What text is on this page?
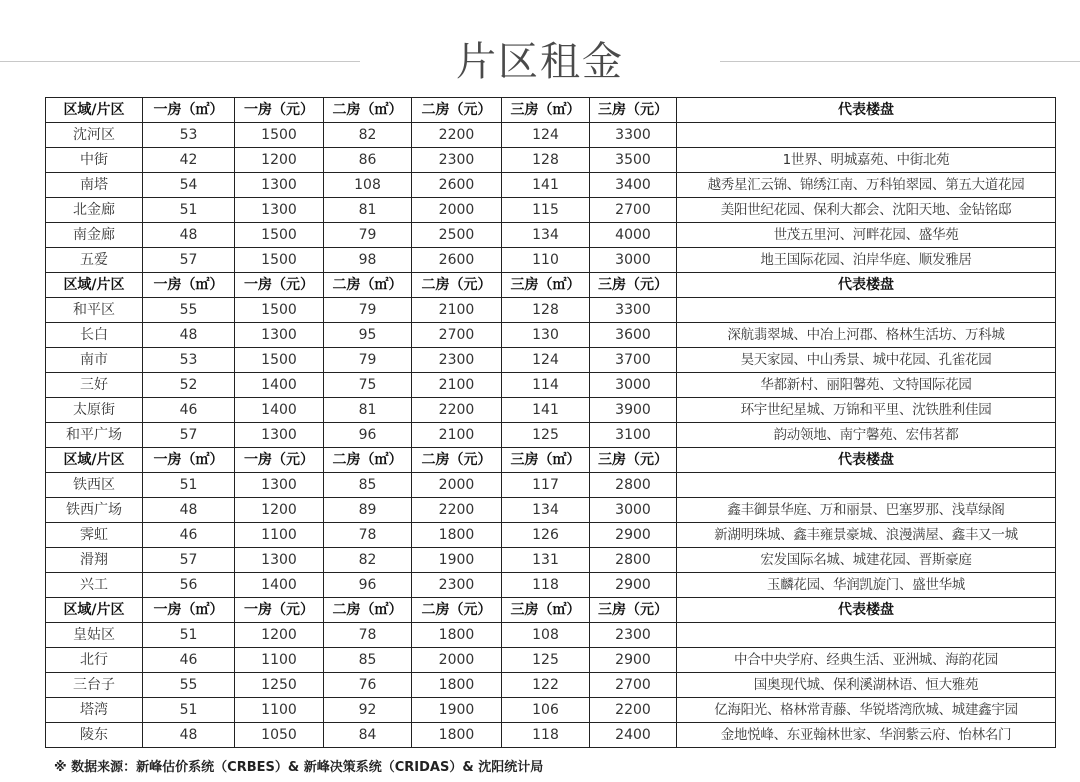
片区租金
区域/片区	一房（㎡）	一房（元）	二房（㎡）	二房（元）	三房（㎡）	三房（元）	代表楼盘
沈河区	53	1500	82	2200	124	3300	
中街	42	1200	86	2300	128	3500	1世界、明城嘉苑、中街北苑
南塔	54	1300	108	2600	141	3400	越秀星汇云锦、锦绣江南、万科铂翠园、第五大道花园
北金廊	51	1300	81	2000	115	2700	美阳世纪花园、保利大都会、沈阳天地、金钻铭邸
南金廊	48	1500	79	2500	134	4000	世茂五里河、河畔花园、盛华苑
五爱	57	1500	98	2600	110	3000	地王国际花园、泊岸华庭、顺发雅居
区域/片区	一房（㎡）	一房（元）	二房（㎡）	二房（元）	三房（㎡）	三房（元）	代表楼盘
和平区	55	1500	79	2100	128	3300	
长白	48	1300	95	2700	130	3600	深航翡翠城、中冶上河郡、格林生活坊、万科城
南市	53	1500	79	2300	124	3700	昊天家园、中山秀景、城中花园、孔雀花园
三好	52	1400	75	2100	114	3000	华都新村、丽阳馨苑、文特国际花园
太原街	46	1400	81	2200	141	3900	环宇世纪星城、万锦和平里、沈铁胜利佳园
和平广场	57	1300	96	2100	125	3100	韵动领地、南宁馨苑、宏伟茗都
区域/片区	一房（㎡）	一房（元）	二房（㎡）	二房（元）	三房（㎡）	三房（元）	代表楼盘
铁西区	51	1300	85	2000	117	2800	
铁西广场	48	1200	89	2200	134	3000	鑫丰御景华庭、万和丽景、巴塞罗那、浅草绿阁
霁虹	46	1100	78	1800	126	2900	新湖明珠城、鑫丰雍景豪城、浪漫满屋、鑫丰又一城
滑翔	57	1300	82	1900	131	2800	宏发国际名城、城建花园、晋斯豪庭
兴工	56	1400	96	2300	118	2900	玉麟花园、华润凯旋门、盛世华城
区域/片区	一房（㎡）	一房（元）	二房（㎡）	二房（元）	三房（㎡）	三房（元）	代表楼盘
皇姑区	51	1200	78	1800	108	2300	
北行	46	1100	85	2000	125	2900	中合中央学府、经典生活、亚洲城、海韵花园
三台子	55	1250	76	1800	122	2700	国奥现代城、保利溪湖林语、恒大雅苑
塔湾	51	1100	92	1900	106	2200	亿海阳光、格林常青藤、华锐塔湾欣城、城建鑫宇园
陵东	48	1050	84	1800	118	2400	金地悦峰、东亚翰林世家、华润紫云府、怡林名门
※ 数据来源：新峰估价系统（CRBES）& 新峰决策系统（CRIDAS）& 沈阳统计局
